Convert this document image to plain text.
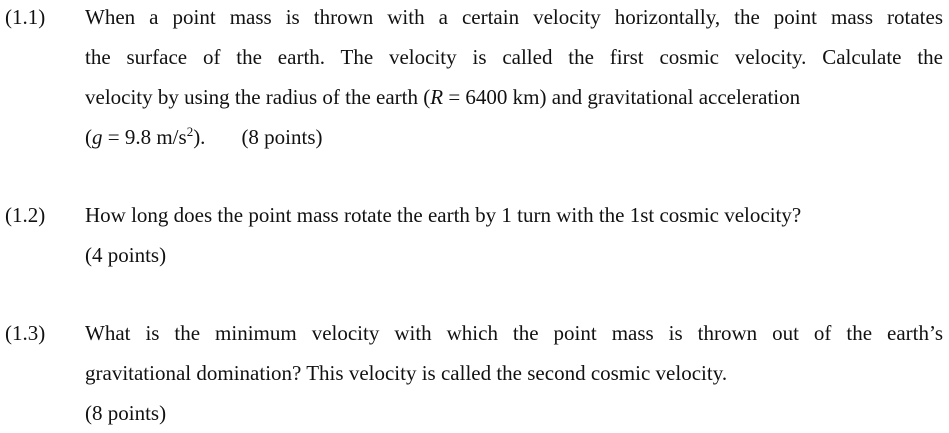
(1.1) When a point mass is thrown with a certain velocity horizontally, the point mass rotates
the surface of the earth. The velocity is called the first cosmic velocity. Calculate the
velocity by using the radius of the earth (R = 6400 km) and gravitational acceleration
(g = 9.8 $m/s^2$). (8 points)
(1.2) How long does the point mass rotate the earth by 1 turn with the 1st cosmic velocity?
(4 points)
(1.3) What is the minimum velocity with which the point mass is thrown out of the earth’s
gravitational domination? This velocity is called the second cosmic velocity.
(8 points)
